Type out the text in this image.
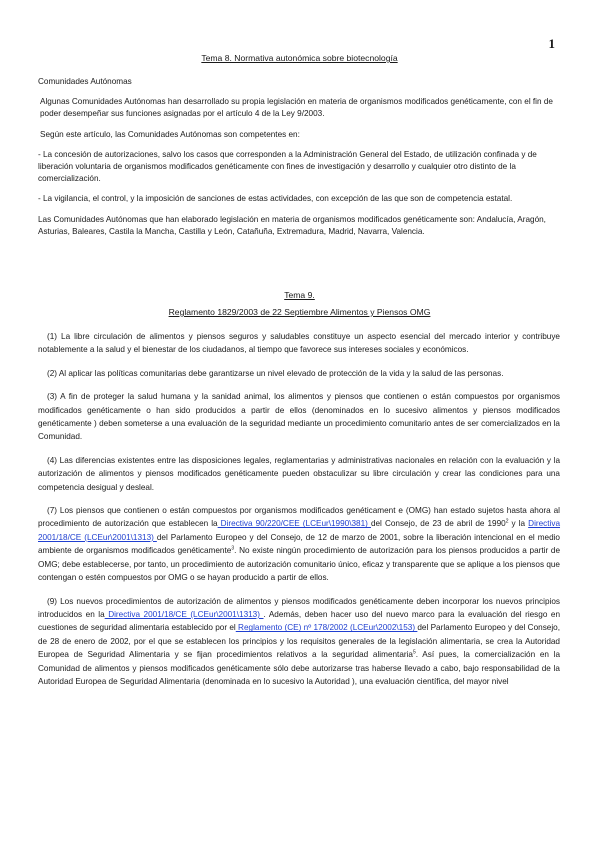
1
Tema 8. Normativa autonómica sobre biotecnología

Comunidades Autónomas

Algunas Comunidades Autónomas han desarrollado su propia legislación en materia de organismos modificados genéticamente, con el fin de poder desempeñar sus funciones asignadas por el artículo 4 de la Ley 9/2003.

Según este artículo, las Comunidades Autónomas son competentes en:

- La concesión de autorizaciones, salvo los casos que corresponden a la Administración General del Estado, de utilización confinada y de liberación voluntaria de organismos modificados genéticamente con fines de investigación y desarrollo y cualquier otro distinto de la comercialización.

- La vigilancia, el control, y la imposición de sanciones de estas actividades, con excepción de las que son de competencia estatal.

Las Comunidades Autónomas que han elaborado legislación en materia de organismos modificados genéticamente son: Andalucía, Aragón, Asturias, Baleares, Castila la Mancha, Castilla y León, Catañuña, Extremadura, Madrid, Navarra, Valencia.

Tema 9.
Reglamento 1829/2003 de 22 Septiembre Alimentos y Piensos OMG

(1) La libre circulación de alimentos y piensos seguros y saludables constituye un aspecto esencial del mercado interior y contribuye notablemente a la salud y el bienestar de los ciudadanos, al tiempo que favorece sus intereses sociales y económicos.

(2) Al aplicar las políticas comunitarias debe garantizarse un nivel elevado de protección de la vida y la salud de las personas.

(3) A fin de proteger la salud humana y la sanidad animal, los alimentos y piensos que contienen o están compuestos por organismos modificados genéticamente o han sido producidos a partir de ellos (denominados en lo sucesivo alimentos y piensos modificados genéticamente ) deben someterse a una evaluación de la seguridad mediante un procedimiento comunitario antes de ser comercializados en la Comunidad.

(4) Las diferencias existentes entre las disposiciones legales, reglamentarias y administrativas nacionales en relación con la evaluación y la autorización de alimentos y piensos modificados genéticamente pueden obstaculizar su libre circulación y crear las condiciones para una competencia desigual y desleal.

(7) Los piensos que contienen o están compuestos por organismos modificados genéticament e (OMG) han estado sujetos hasta ahora al procedimiento de autorización que establecen la Directiva 90/220/CEE (LCEur\1990\381) del Consejo, de 23 de abril de 1990$^2$ y la Directiva 2001/18/CE (LCEur\2001\1313) del Parlamento Europeo y del Consejo, de 12 de marzo de 2001, sobre la liberación intencional en el medio ambiente de organismos modificados genéticamente$^3$. No existe ningún procedimiento de autorización para los piensos producidos a partir de OMG; debe establecerse, por tanto, un procedimiento de autorización comunitario único, eficaz y transparente que se aplique a los piensos que contengan o estén compuestos por OMG o se hayan producido a partir de ellos.

(9) Los nuevos procedimientos de autorización de alimentos y piensos modificados genéticamente deben incorporar los nuevos principios introducidos en la Directiva 2001/18/CE (LCEur\2001\1313) . Además, deben hacer uso del nuevo marco para la evaluación del riesgo en cuestiones de seguridad alimentaria establecido por el Reglamento (CE) nº 178/2002 (LCEur\2002\153) del Parlamento Europeo y del Consejo, de 28 de enero de 2002, por el que se establecen los principios y los requisitos generales de la legislación alimentaria, se crea la Autoridad Europea de Seguridad Alimentaria y se fijan procedimientos relativos a la seguridad alimentaria$^5$. Así pues, la comercialización en la Comunidad de alimentos y piensos modificados genéticamente sólo debe autorizarse tras haberse llevado a cabo, bajo responsabilidad de la Autoridad Europea de Seguridad Alimentaria (denominada en lo sucesivo la Autoridad ), una evaluación científica, del mayor nivel
